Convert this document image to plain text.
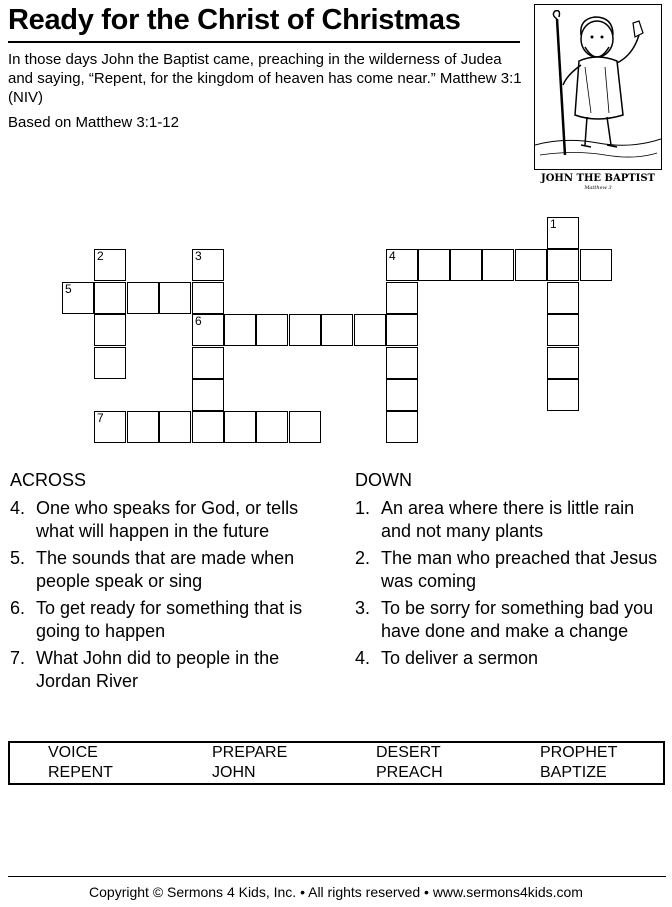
Ready for the Christ of Christmas
In those days John the Baptist came, preaching in the wilderness of Judea and saying, “Repent, for the kingdom of heaven has come near.” Matthew 3:1 (NIV)
Based on Matthew 3:1-12
JOHN THE BAPTIST
Matthew 3
1
2	3	4
5
6
7
ACROSS
4. One who speaks for God, or tells what will happen in the future
5. The sounds that are made when people speak or sing
6. To get ready for something that is going to happen
7. What John did to people in the Jordan River
DOWN
1. An area where there is little rain and not many plants
2. The man who preached that Jesus was coming
3. To be sorry for something bad you have done and make a change
4. To deliver a sermon
VOICE	PREPARE	DESERT	PROPHET
REPENT	JOHN	PREACH	BAPTIZE
Copyright © Sermons 4 Kids, Inc. • All rights reserved • www.sermons4kids.com
